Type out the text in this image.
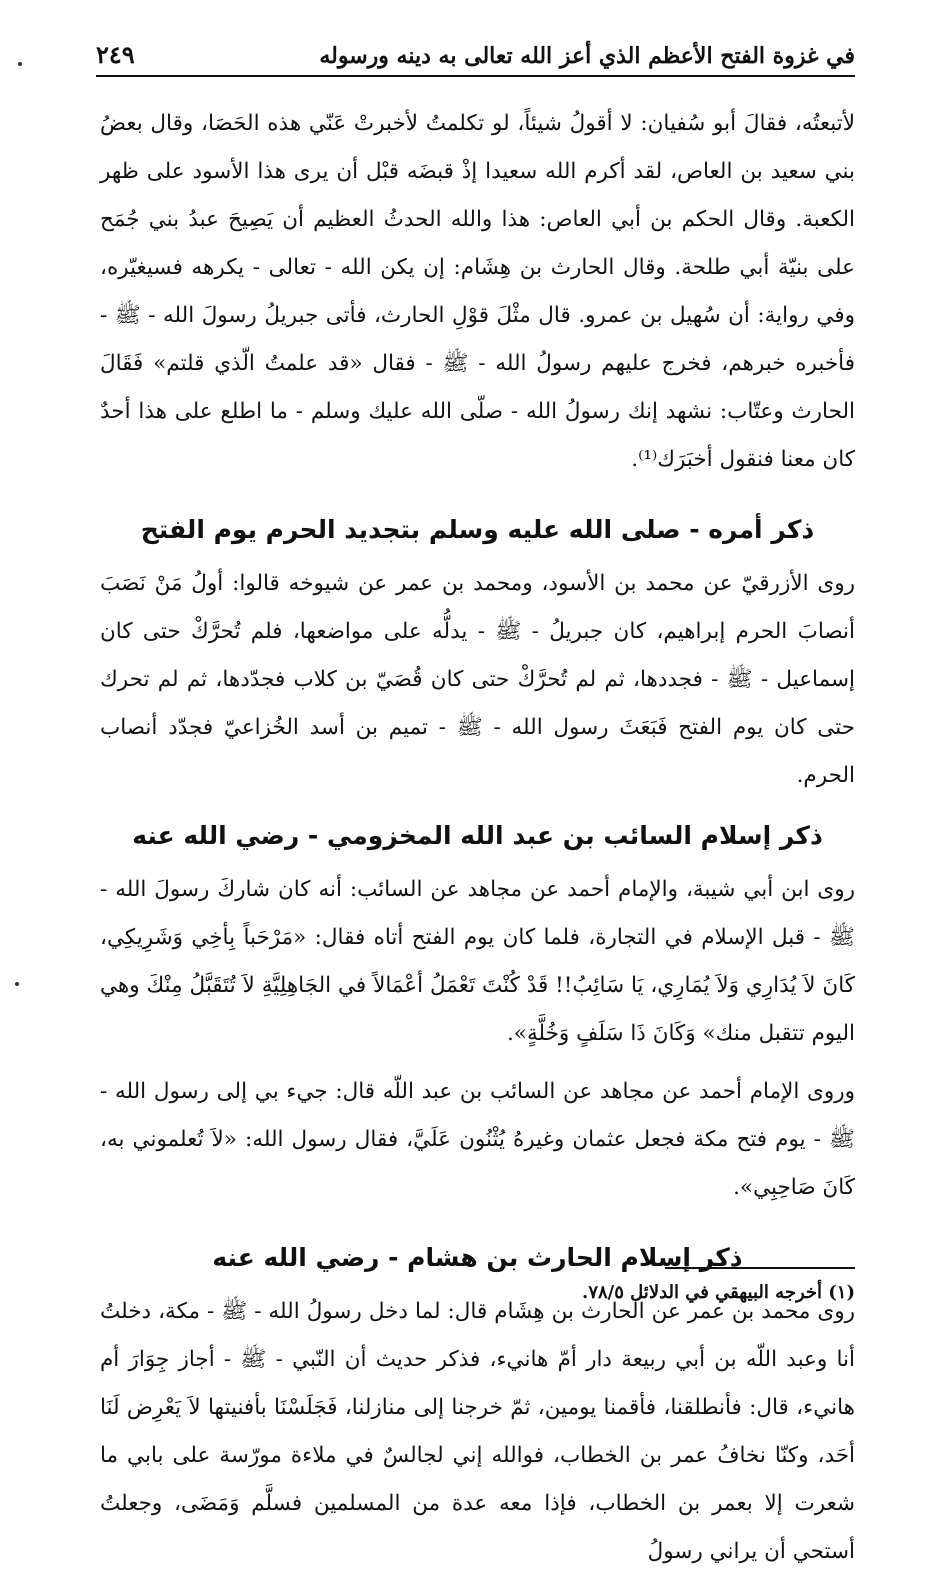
في غزوة الفتح الأعظم الذي أعز الله تعالى به دينه ورسوله
٢٤٩

لأتبعتُه، فقالَ أبو سُفيان: لا أقولُ شيئاً، لو تكلمتُ لأخبرتْ عَنّي هذه الحَصَا، وقال بعضُ بني سعيد بن العاص، لقد أكرم الله سعيدا إذْ قبضَه قبْل أن يرى هذا الأسود على ظهر الكعبة. وقال الحكم بن أبي العاص: هذا والله الحدثُ العظيم أن يَصِيحَ عبدُ بني جُمَح على بنيّة أبي طلحة. وقال الحارث بن هِشَام: إن يكن الله - تعالى - يكرهه فسيغيّره، وفي رواية: أن سُهيل بن عمرو. قال مثْلَ قوْلِ الحارث، فأتى جبريلُ رسولَ الله - ﷺ - فأخبره خبرهم، فخرج عليهم رسولُ الله - ﷺ - فقال «قد علمتُ الّذي قلتم» فَقَالَ الحارث وعتّاب: نشهد إنك رسولُ الله - صلّى الله عليك وسلم - ما اطلع على هذا أحدٌ كان معنا فنقول أخبَرَك⁽¹⁾.

ذكر أمره - صلى الله عليه وسلم بتجديد الحرم يوم الفتح

روى الأزرقيّ عن محمد بن الأسود، ومحمد بن عمر عن شيوخه قالوا: أولُ مَنْ نَصَبَ أنصابَ الحرم إبراهيم، كان جبريلُ - ﷺ - يدلُّه على مواضعها، فلم تُحرَّكْ حتى كان إسماعيل - ﷺ - فجددها، ثم لم تُحرَّكْ حتى كان قُصَيّ بن كلاب فجدّدها، ثم لم تحرك حتى كان يوم الفتح فَبَعَثَ رسول الله - ﷺ - تميم بن أسد الخُزاعيّ فجدّد أنصاب الحرم.

ذكر إسلام السائب بن عبد الله المخزومي - رضي الله عنه

روى ابن أبي شيبة، والإمام أحمد عن مجاهد عن السائب: أنه كان شاركَ رسولَ الله - ﷺ - قبل الإسلام في التجارة، فلما كان يوم الفتح أتاه فقال: «مَرْحَباً بِأخِي وَشَرِيكِي، كَانَ لاَ يُدَارِي وَلاَ يُمَارِي، يَا سَائِبُ!! قَدْ كُنْتَ تَعْمَلُ أعْمَالاً في الجَاهِلِيَّةِ لاَ تُتَقَبَّلُ مِنْكَ وهي اليوم تتقبل منك» وَكَانَ ذَا سَلَفٍ وَخُلَّةٍ».

وروى الإمام أحمد عن مجاهد عن السائب بن عبد اللّه قال: جيء بي إلى رسول الله - ﷺ - يوم فتح مكة فجعل عثمان وغيرهُ يُثْنُون عَلَيَّ، فقال رسول الله: «لاَ تُعلموني به، كَانَ صَاحِبِي».

ذكر إسلام الحارث بن هشام - رضي الله عنه

روى محمد بن عمر عن الحارث بن هِشَام قال: لما دخل رسولُ الله - ﷺ - مكة، دخلتُ أنا وعبد اللّه بن أبي ربيعة دار أمّ هانيء، فذكر حديث أن النّبي - ﷺ - أجاز جِوَارَ أم هانيء، قال: فأنطلقنا، فأقمنا يومين، ثمّ خرجنا إلى منازلنا، فَجَلَسْنَا بأفنيتها لاَ يَعْرِض لَنَا أحَد، وكنّا نخافُ عمر بن الخطاب، فوالله إني لجالسٌ في ملاءة مورّسة على بابي ما شعرت إلا بعمر بن الخطاب، فإذا معه عدة من المسلمين فسلَّم وَمَضَى، وجعلتُ أستحي أن يراني رسولُ

(١) أخرجه البيهقي في الدلائل ٧٨/٥.
